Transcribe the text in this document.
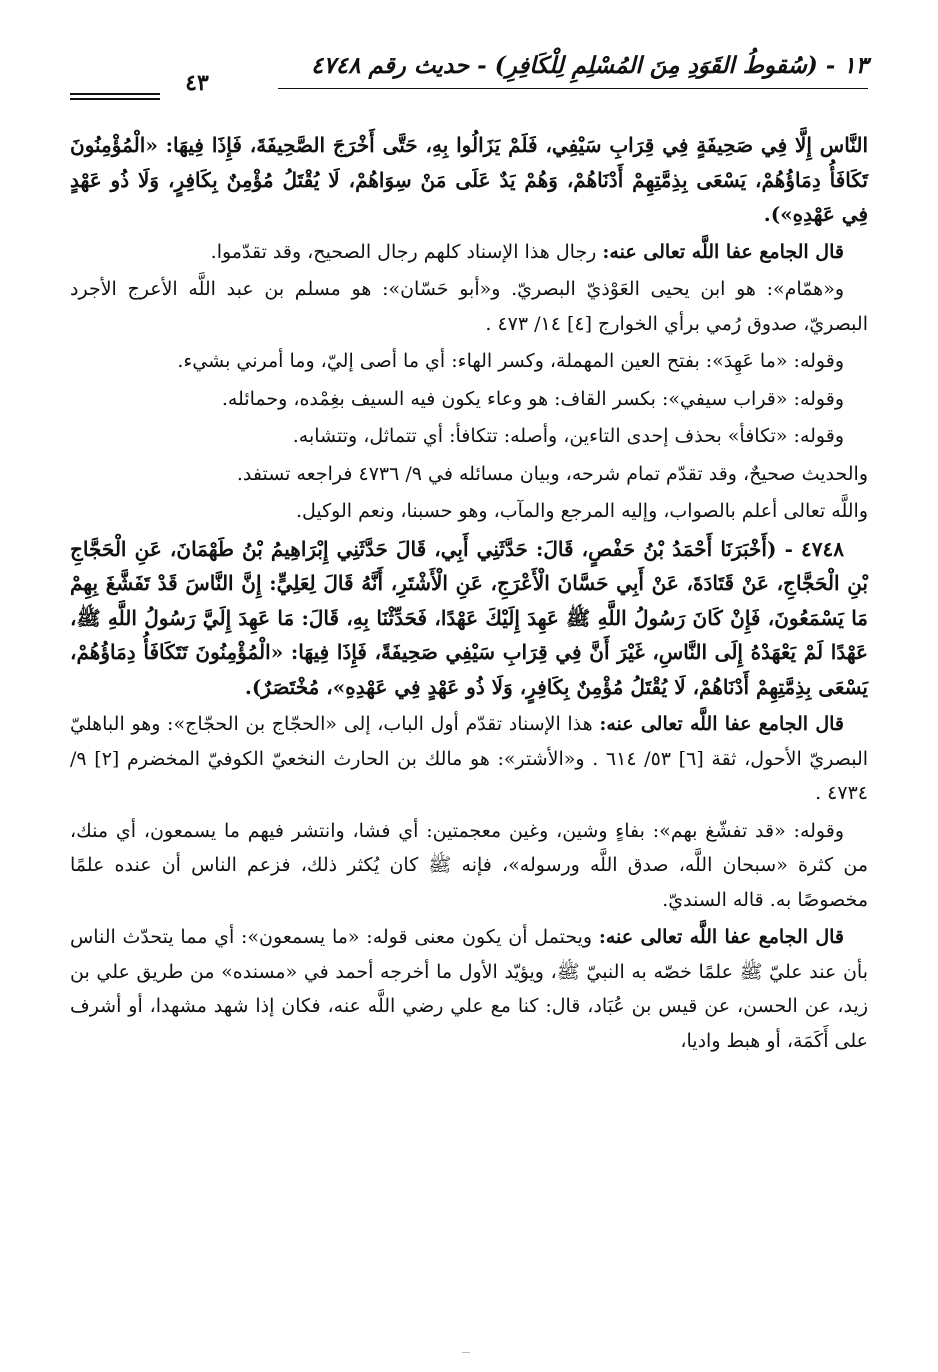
١٣ - (سُقوطُ القَوَدِ مِنَ المُسْلِمِ لِلْكَافِرِ) - حديث رقم ٤٧٤٨
٤٣

النَّاس إِلَّا فِي صَحِيفَةٍ فِي قِرَابِ سَيْفِي، فَلَمْ يَزَالُوا بِهِ، حَتَّى أَخْرَجَ الصَّحِيفَةَ، فَإِذَا فِيهَا: «الْمُؤْمِنُونَ تَكَافَأُ دِمَاؤُهُمْ، يَسْعَى بِذِمَّتِهِمْ أَدْنَاهُمْ، وَهُمْ يَدٌ عَلَى مَنْ سِوَاهُمْ، لَا يُقْتَلُ مُؤْمِنٌ بِكَافِرٍ، وَلَا ذُو عَهْدٍ فِي عَهْدِهِ»).

قال الجامع عفا اللَّه تعالى عنه: رجال هذا الإسناد كلهم رجال الصحيح، وقد تقدّموا.

و«همّام»: هو ابن يحيى العَوْذيّ البصريّ. و«أبو حَسّان»: هو مسلم بن عبد اللَّه الأعرج الأجرد البصريّ، صدوق رُمي برأي الخوارج [٤] ١٤/ ٤٧٣ .

وقوله: «ما عَهِدَ»: بفتح العين المهملة، وكسر الهاء: أي ما أصى إليّ، وما أمرني بشيء.

وقوله: «قراب سيفي»: بكسر القاف: هو وعاء يكون فيه السيف بغِمْده، وحمائله.

وقوله: «تكافأ» بحذف إحدى التاءين، وأصله: تتكافأ: أي تتماثل، وتتشابه.

والحديث صحيحٌ، وقد تقدّم تمام شرحه، وبيان مسائله في ٩/ ٤٧٣٦ فراجعه تستفد.

واللَّه تعالى أعلم بالصواب، وإليه المرجع والمآب، وهو حسبنا، ونعم الوكيل.

٤٧٤٨ - (أَخْبَرَنَا أَحْمَدُ بْنُ حَفْصٍ، قَالَ: حَدَّثَنِي أَبِي، قَالَ حَدَّثَنِي إِبْرَاهِيمُ بْنُ طَهْمَانَ، عَنِ الْحَجَّاجِ بْنِ الْحَجَّاجِ، عَنْ قَتَادَةَ، عَنْ أَبِي حَسَّانَ الْأَعْرَجِ، عَنِ الْأَشْتَرِ، أَنَّهُ قَالَ لِعَلِيٍّ: إِنَّ النَّاسَ قَدْ تَفَشَّغَ بِهِمْ مَا يَسْمَعُونَ، فَإِنْ كَانَ رَسُولُ اللَّهِ ﷺ عَهِدَ إِلَيْكَ عَهْدًا، فَحَدِّثْنَا بِهِ، قَالَ: مَا عَهِدَ إِلَيَّ رَسُولُ اللَّهِ ﷺ، عَهْدًا لَمْ يَعْهَدْهُ إِلَى النَّاسِ، غَيْرَ أَنَّ فِي قِرَابِ سَيْفِي صَحِيفَةً، فَإِذَا فِيهَا: «الْمُؤْمِنُونَ تَتَكَافَأُ دِمَاؤُهُمْ، يَسْعَى بِذِمَّتِهِمْ أَدْنَاهُمْ، لَا يُقْتَلُ مُؤْمِنٌ بِكَافِرٍ، وَلَا ذُو عَهْدٍ فِي عَهْدِهِ»، مُخْتَصَرٌ).

قال الجامع عفا اللَّه تعالى عنه: هذا الإسناد تقدّم أول الباب، إلى «الحجّاج بن الحجّاج»: وهو الباهليّ البصريّ الأحول، ثقة [٦] ٥٣/ ٦١٤ . و«الأشتر»: هو مالك بن الحارث النخعيّ الكوفيّ المخضرم [٢] ٩/ ٤٧٣٤ .

وقوله: «قد تفشّغ بهم»: بفاءٍ وشين، وغين معجمتين: أي فشا، وانتشر فيهم ما يسمعون، أي منك، من كثرة «سبحان اللَّه، صدق اللَّه ورسوله»، فإنه ﷺ كان يُكثر ذلك، فزعم الناس أن عنده علمًا مخصوصًا به. قاله السنديّ.

قال الجامع عفا اللَّه تعالى عنه: ويحتمل أن يكون معنى قوله: «ما يسمعون»: أي مما يتحدّث الناس بأن عند عليّ ﷺ علمًا خصّه به النبيّ ﷺ، ويؤيّد الأول ما أخرجه أحمد في «مسنده» من طريق علي بن زيد، عن الحسن، عن قيس بن عُبَاد، قال: كنا مع علي رضي اللَّه عنه، فكان إذا شهد مشهدا، أو أشرف على أَكَمَة، أو هبط واديا،
